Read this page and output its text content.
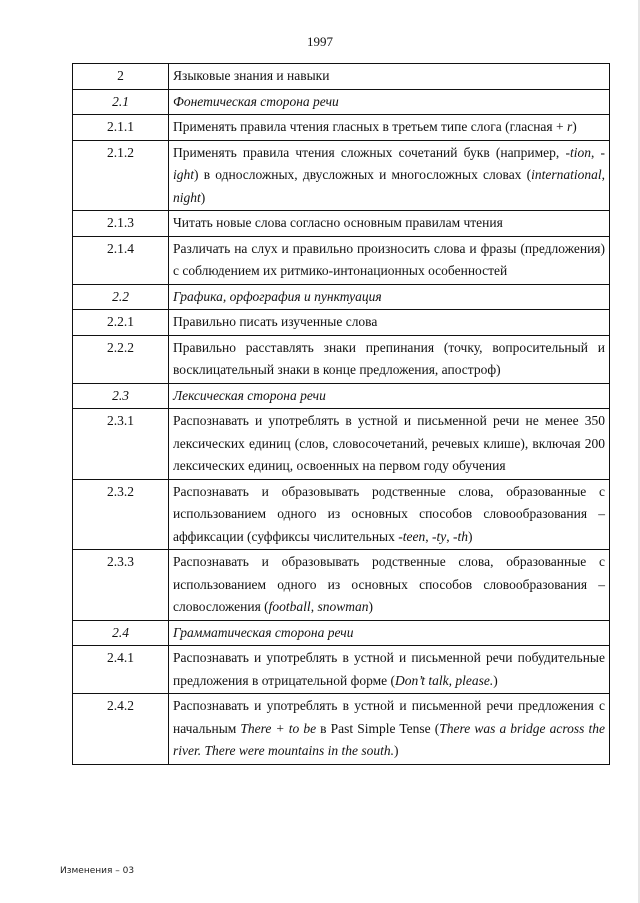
1997
2	Языковые знания и навыки
2.1	Фонетическая сторона речи
2.1.1	Применять правила чтения гласных в третьем типе слога (гласная + r)
2.1.2	Применять правила чтения сложных сочетаний букв (например, -tion, -ight) в односложных, двусложных и многосложных словах (international, night)
2.1.3	Читать новые слова согласно основным правилам чтения
2.1.4	Различать на слух и правильно произносить слова и фразы (предложения) с соблюдением их ритмико-интонационных особенностей
2.2	Графика, орфография и пунктуация
2.2.1	Правильно писать изученные слова
2.2.2	Правильно расставлять знаки препинания (точку, вопросительный и восклицательный знаки в конце предложения, апостроф)
2.3	Лексическая сторона речи
2.3.1	Распознавать и употреблять в устной и письменной речи не менее 350 лексических единиц (слов, словосочетаний, речевых клише), включая 200 лексических единиц, освоенных на первом году обучения
2.3.2	Распознавать и образовывать родственные слова, образованные с использованием одного из основных способов словообразования – аффиксации (суффиксы числительных -teen, -ty, -th)
2.3.3	Распознавать и образовывать родственные слова, образованные с использованием одного из основных способов словообразования – словосложения (football, snowman)
2.4	Грамматическая сторона речи
2.4.1	Распознавать и употреблять в устной и письменной речи побудительные предложения в отрицательной форме (Don’t talk, please.)
2.4.2	Распознавать и употреблять в устной и письменной речи предложения с начальным There + to be в Past Simple Tense (There was a bridge across the river. There were mountains in the south.)
Изменения – 03
